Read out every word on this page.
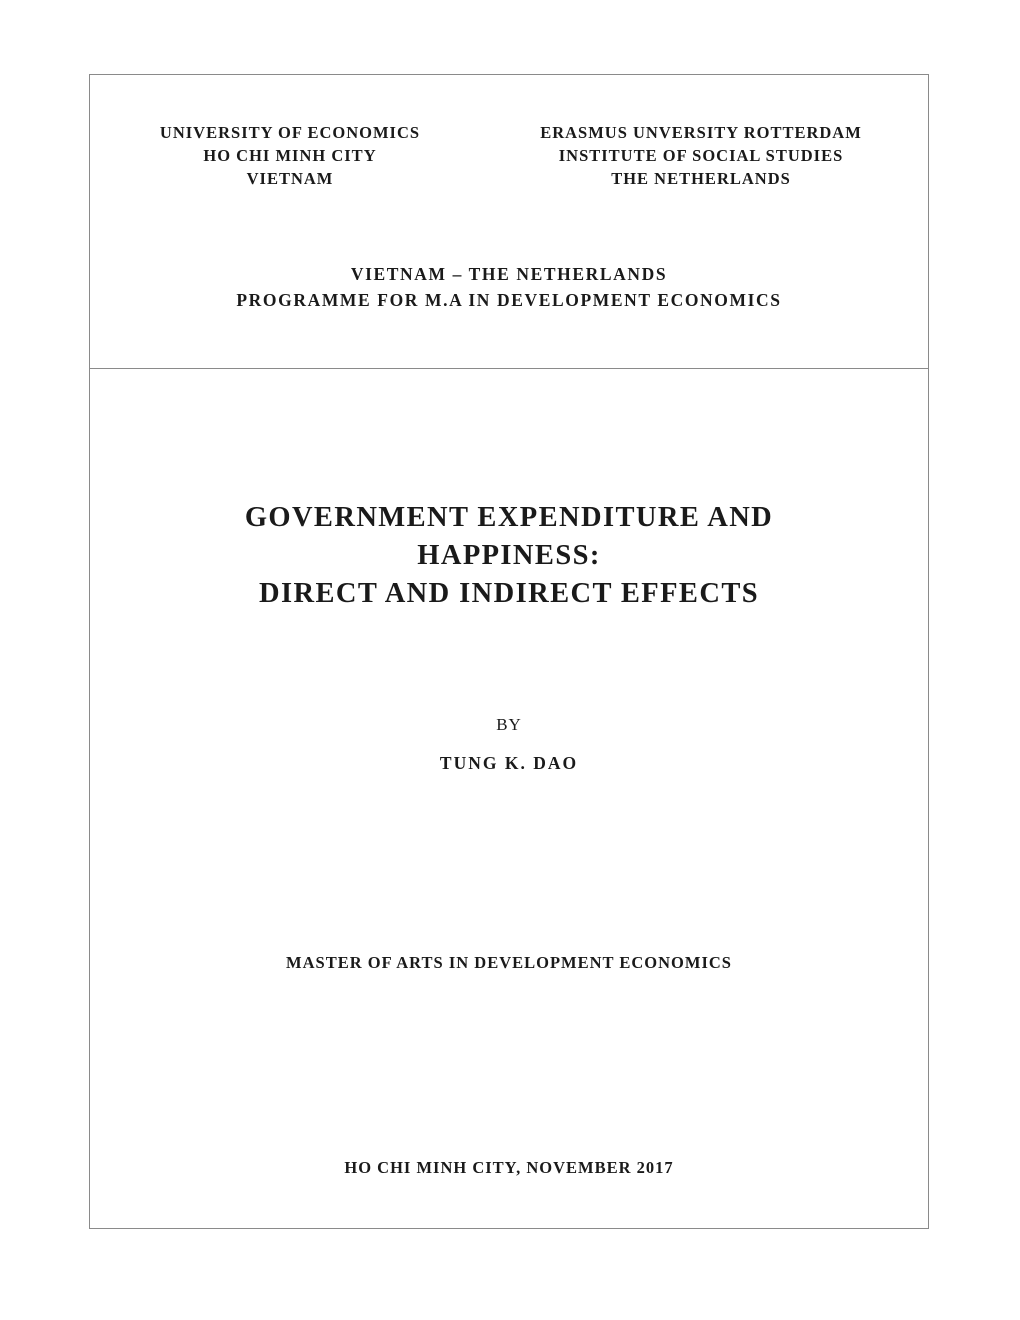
UNIVERSITY OF ECONOMICS
HO CHI MINH CITY
VIETNAM
ERASMUS UNVERSITY ROTTERDAM
INSTITUTE OF SOCIAL STUDIES
THE NETHERLANDS
VIETNAM – THE NETHERLANDS
PROGRAMME FOR M.A IN DEVELOPMENT ECONOMICS
GOVERNMENT EXPENDITURE AND
HAPPINESS:
DIRECT AND INDIRECT EFFECTS
BY
TUNG K. DAO
MASTER OF ARTS IN DEVELOPMENT ECONOMICS
HO CHI MINH CITY, NOVEMBER 2017
